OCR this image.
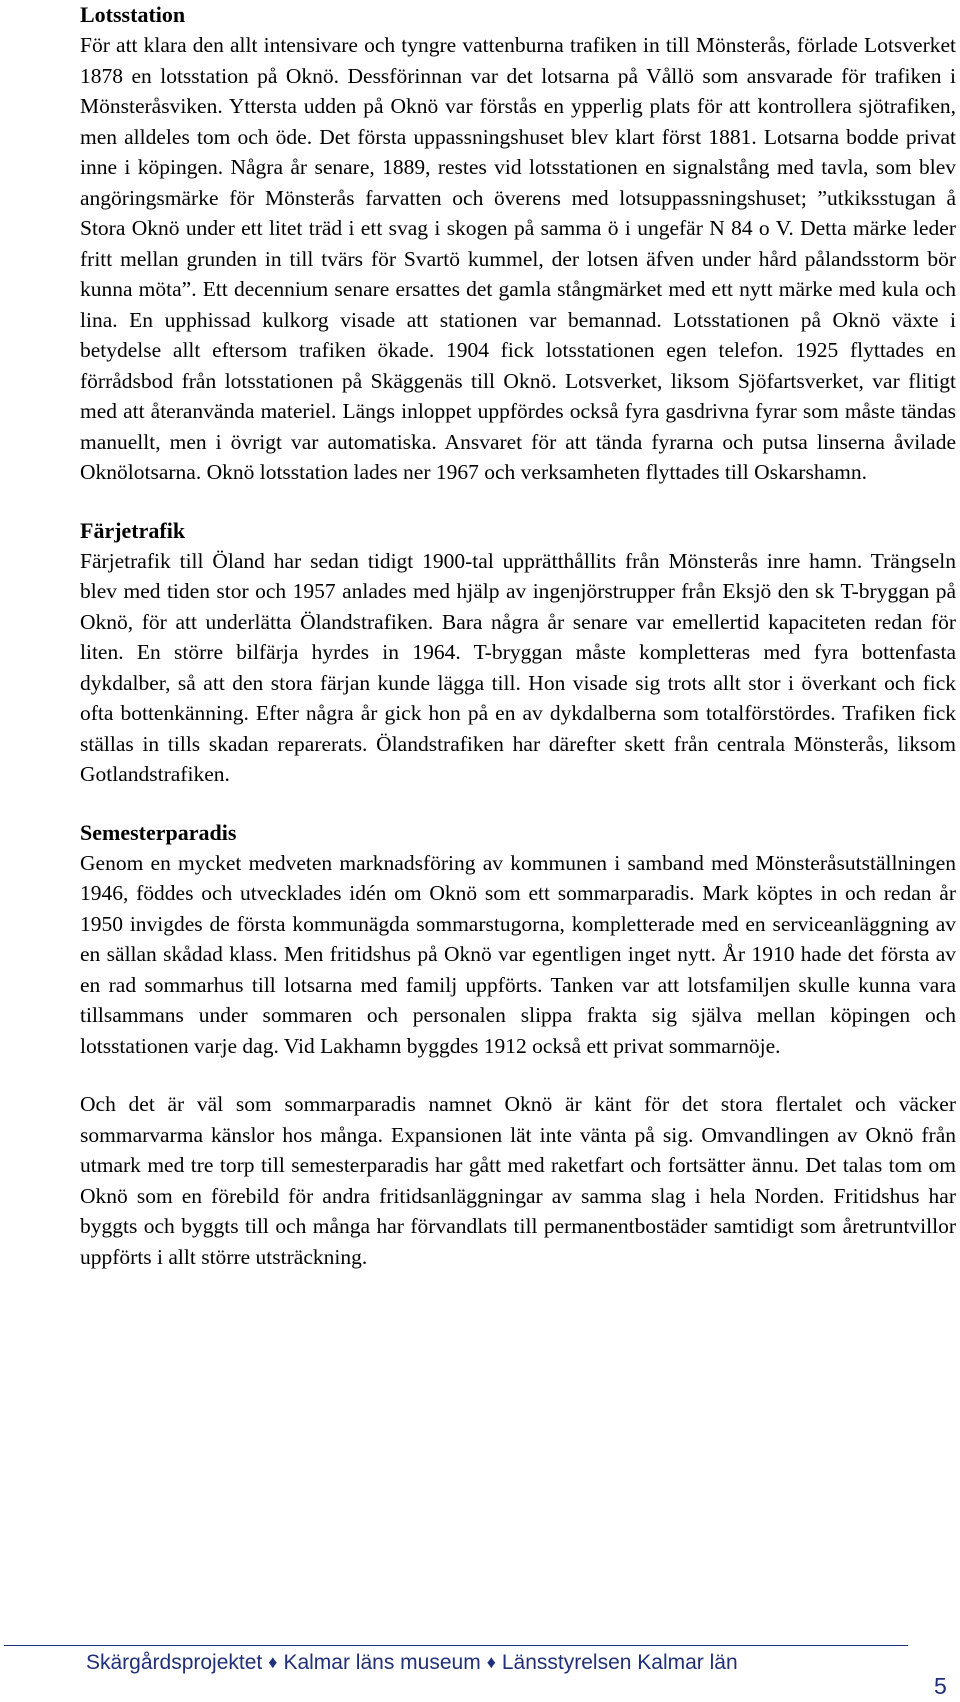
Lotsstation

För att klara den allt intensivare och tyngre vattenburna trafiken in till Mönsterås, förlade Lotsverket 1878 en lotsstation på Oknö. Dessförinnan var det lotsarna på Vållö som ansvarade för trafiken i Mönsteråsviken. Yttersta udden på Oknö var förstås en ypperlig plats för att kontrollera sjötrafiken, men alldeles tom och öde. Det första uppassningshuset blev klart först 1881. Lotsarna bodde privat inne i köpingen. Några år senare, 1889, restes vid lotsstationen en signalstång med tavla, som blev angöringsmärke för Mönsterås farvatten och överens med lotsuppassningshuset; ”utkiksstugan å Stora Oknö under ett litet träd i ett svag i skogen på samma ö i ungefär N 84 o V. Detta märke leder fritt mellan grunden in till tvärs för Svartö kummel, der lotsen äfven under hård pålandsstorm bör kunna möta”. Ett decennium senare ersattes det gamla stångmärket med ett nytt märke med kula och lina. En upphissad kulkorg visade att stationen var bemannad. Lotsstationen på Oknö växte i betydelse allt eftersom trafiken ökade. 1904 fick lotsstationen egen telefon. 1925 flyttades en förrådsbod från lotsstationen på Skäggenäs till Oknö. Lotsverket, liksom Sjöfartsverket, var flitigt med att återanvända materiel. Längs inloppet uppfördes också fyra gasdrivna fyrar som måste tändas manuellt, men i övrigt var automatiska. Ansvaret för att tända fyrarna och putsa linserna åvilade Oknölotsarna. Oknö lotsstation lades ner 1967 och verksamheten flyttades till Oskarshamn.

Färjetrafik

Färjetrafik till Öland har sedan tidigt 1900-tal upprätthållits från Mönsterås inre hamn. Trängseln blev med tiden stor och 1957 anlades med hjälp av ingenjörstrupper från Eksjö den sk T-bryggan på Oknö, för att underlätta Ölandstrafiken. Bara några år senare var emellertid kapaciteten redan för liten. En större bilfärja hyrdes in 1964. T-bryggan måste kompletteras med fyra bottenfasta dykdalber, så att den stora färjan kunde lägga till. Hon visade sig trots allt stor i överkant och fick ofta bottenkänning. Efter några år gick hon på en av dykdalberna som totalförstördes. Trafiken fick ställas in tills skadan reparerats. Ölandstrafiken har därefter skett från centrala Mönsterås, liksom Gotlandstrafiken.

Semesterparadis

Genom en mycket medveten marknadsföring av kommunen i samband med Mönsteråsutställningen 1946, föddes och utvecklades idén om Oknö som ett sommarparadis. Mark köptes in och redan år 1950 invigdes de första kommunägda sommarstugorna, kompletterade med en serviceanläggning av en sällan skådad klass. Men fritidshus på Oknö var egentligen inget nytt. År 1910 hade det första av en rad sommarhus till lotsarna med familj uppförts. Tanken var att lotsfamiljen skulle kunna vara tillsammans under sommaren och personalen slippa frakta sig själva mellan köpingen och lotsstationen varje dag. Vid Lakhamn byggdes 1912 också ett privat sommarnöje.

Och det är väl som sommarparadis namnet Oknö är känt för det stora flertalet och väcker sommarvarma känslor hos många. Expansionen lät inte vänta på sig. Omvandlingen av Oknö från utmark med tre torp till semesterparadis har gått med raketfart och fortsätter ännu. Det talas tom om Oknö som en förebild för andra fritidsanläggningar av samma slag i hela Norden. Fritidshus har byggts och byggts till och många har förvandlats till permanentbostäder samtidigt som åretruntvillor uppförts i allt större utsträckning.

Skärgårdsprojektet ♦ Kalmar läns museum ♦ Länsstyrelsen Kalmar län
5
